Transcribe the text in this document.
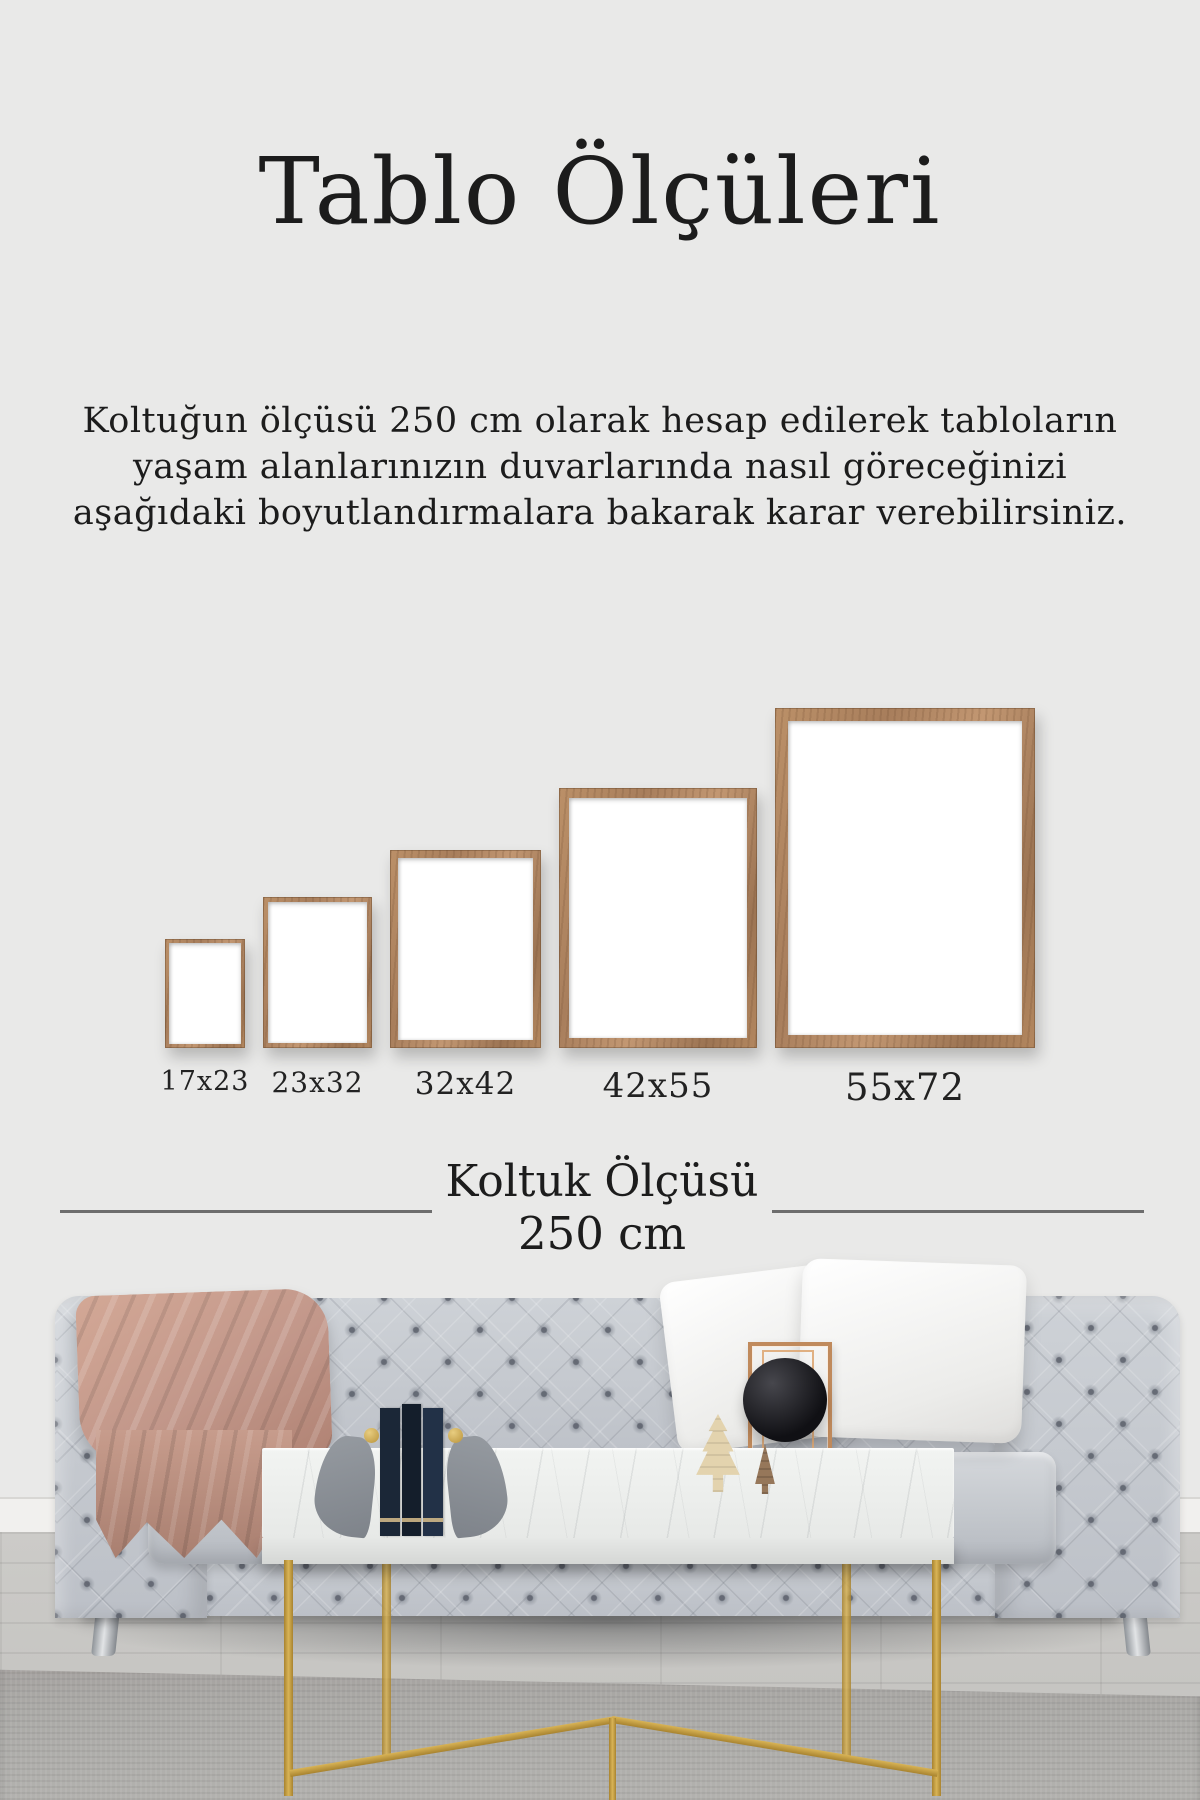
Tablo Ölçüleri
Koltuğun ölçüsü 250 cm olarak hesap edilerek tabloların
yaşam alanlarınızın duvarlarında nasıl göreceğinizi
aşağıdaki boyutlandırmalara bakarak karar verebilirsiniz.
17x23 23x32 32x42	42x55	55x72
Koltuk Ölçüsü
250 cm
